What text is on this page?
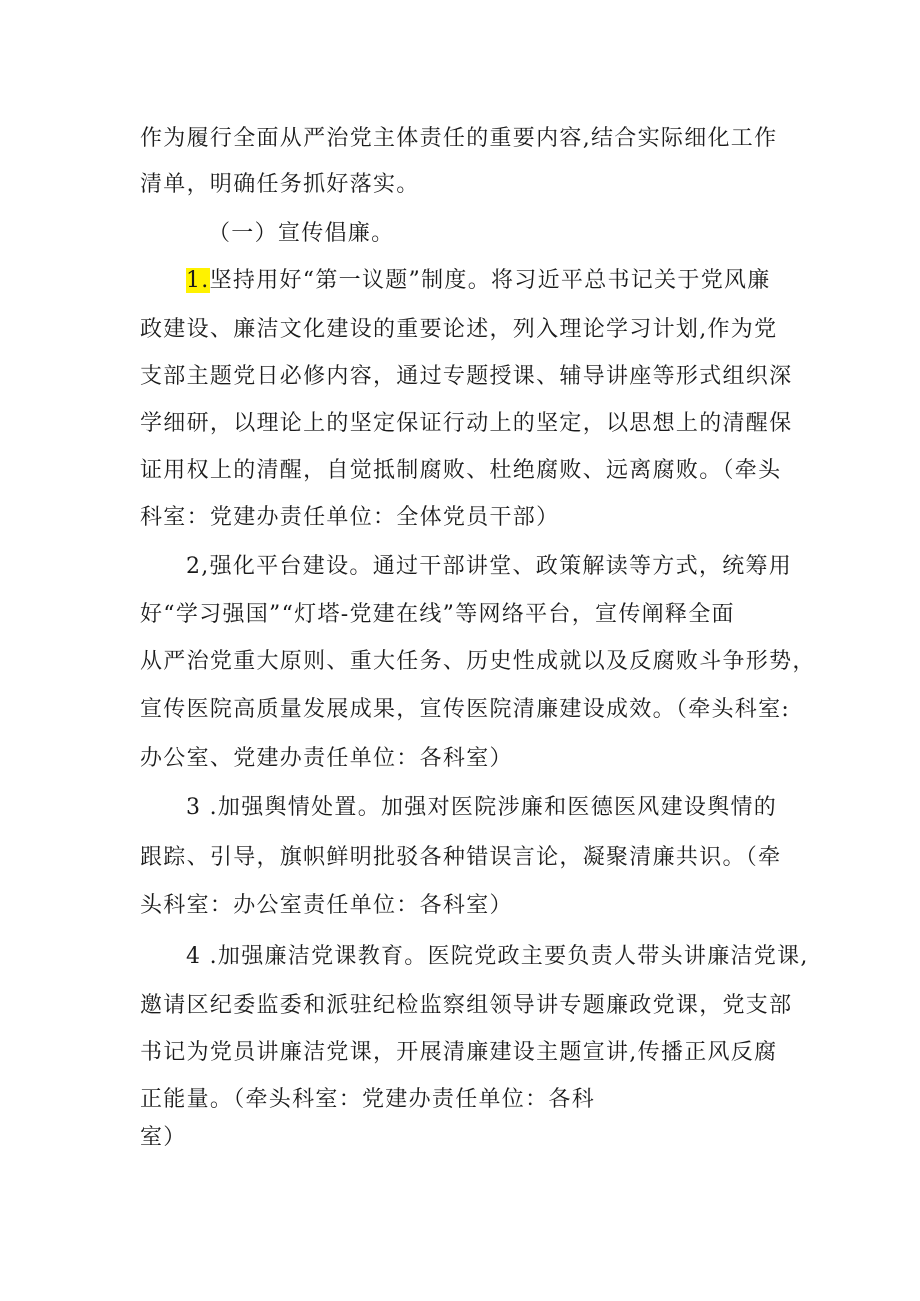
作为履行全面从严治党主体责任的重要内容,结合实际细化工作
清单，明确任务抓好落实。
（一）宣传倡廉。
1.坚持用好“第一议题”制度。将习近平总书记关于党风廉
政建设、廉洁文化建设的重要论述，列入理论学习计划,作为党
支部主题党日必修内容，通过专题授课、辅导讲座等形式组织深
学细研，以理论上的坚定保证行动上的坚定，以思想上的清醒保
证用权上的清醒，自觉抵制腐败、杜绝腐败、远离腐败。（牵头
科室：党建办责任单位：全体党员干部）
2,强化平台建设。通过干部讲堂、政策解读等方式，统筹用
好“学习强国”“灯塔-党建在线”等网络平台，宣传阐释全面
从严治党重大原则、重大任务、历史性成就以及反腐败斗争形势，
宣传医院高质量发展成果，宣传医院清廉建设成效。（牵头科室:
办公室、党建办责任单位：各科室）
3 .加强舆情处置。加强对医院涉廉和医德医风建设舆情的
跟踪、引导，旗帜鲜明批驳各种错误言论，凝聚清廉共识。（牵
头科室：办公室责任单位：各科室）
4 .加强廉洁党课教育。医院党政主要负责人带头讲廉洁党课,
邀请区纪委监委和派驻纪检监察组领导讲专题廉政党课，党支部
书记为党员讲廉洁党课，开展清廉建设主题宣讲,传播正风反腐
正能量。（牵头科室：党建办责任单位：各科
室）
